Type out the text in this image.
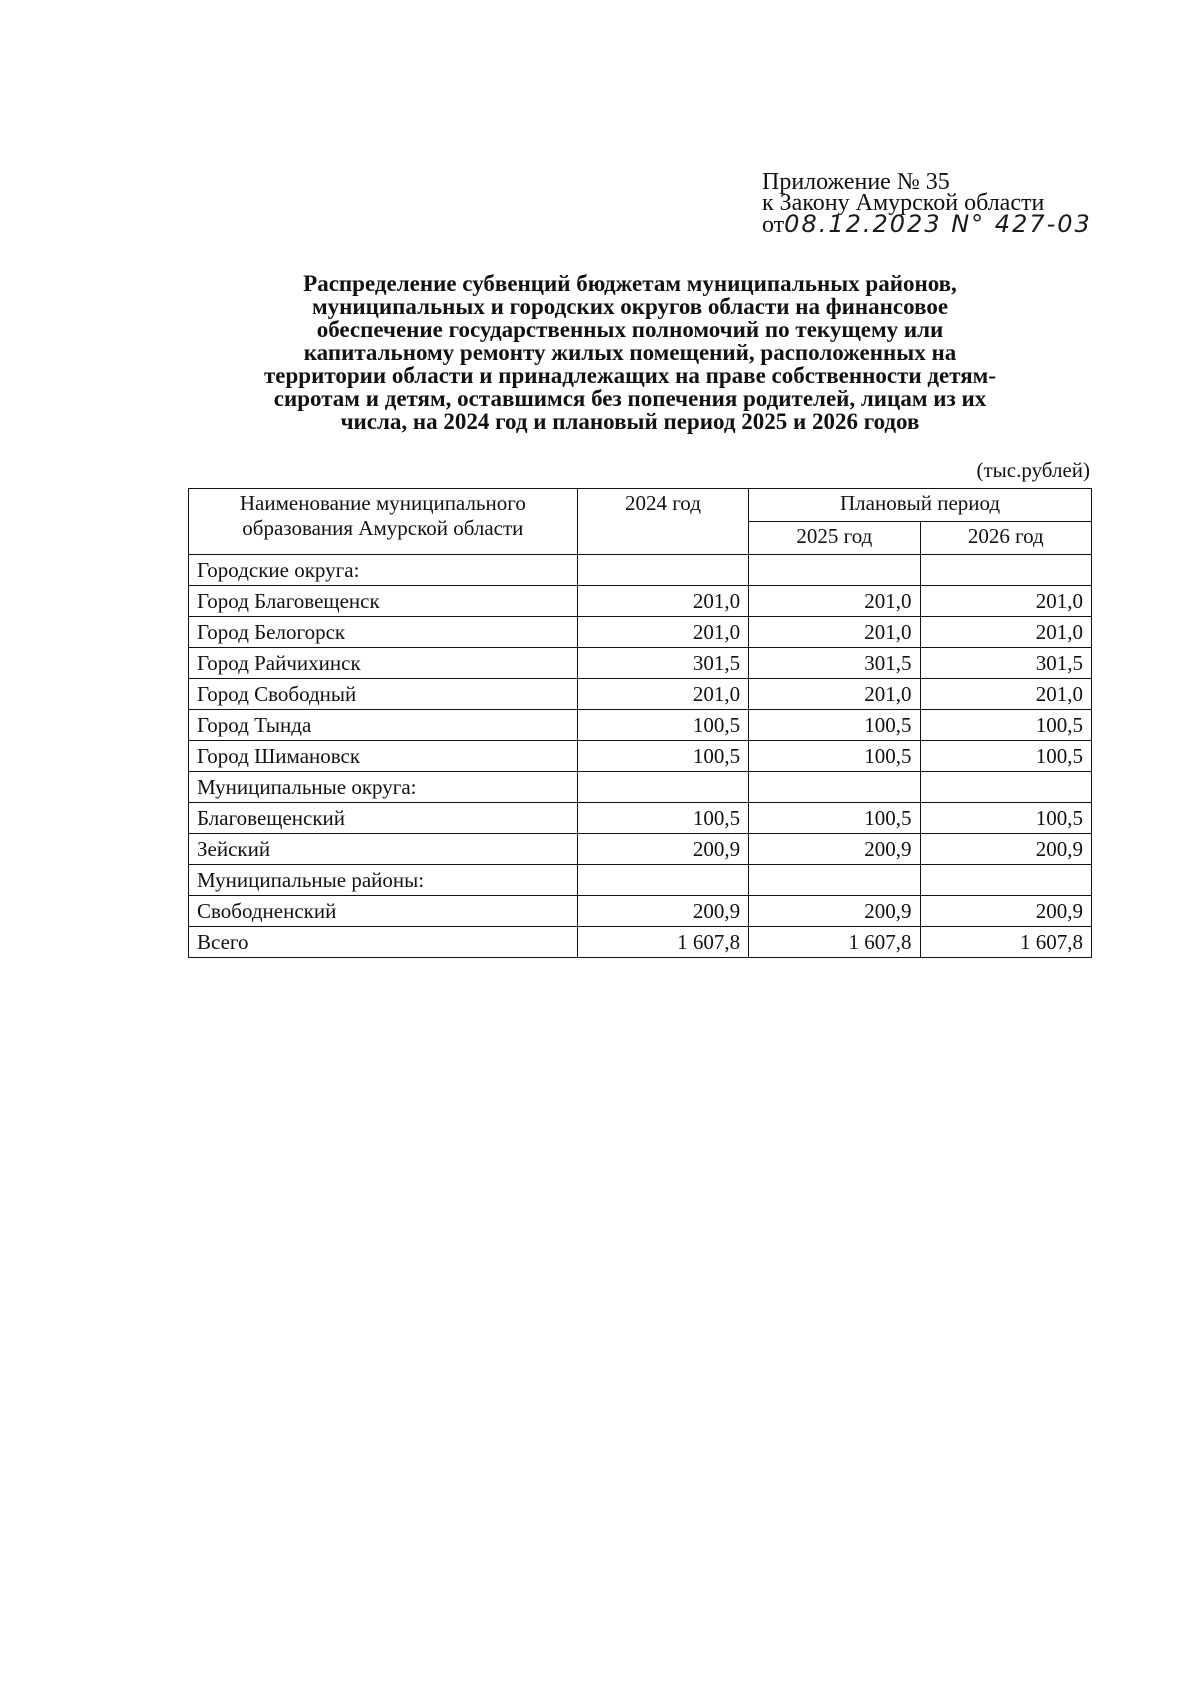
Приложение № 35
к Закону Амурской области
от08.12.2023 N° 427-03
Распределение субвенций бюджетам муниципальных районов,
муниципальных и городских округов области на финансовое
обеспечение государственных полномочий по текущему или
капитальному ремонту жилых помещений, расположенных на
территории области и принадлежащих на праве собственности детям-
сиротам и детям, оставшимся без попечения родителей, лицам из их
числа, на 2024 год и плановый период 2025 и 2026 годов
(тыс.рублей)
Наименование муниципального образования Амурской области	2024 год	Плановый период	
		2025 год	2026 год
Городские округа:			
Город Благовещенск	201,0	201,0	201,0
Город Белогорск	201,0	201,0	201,0
Город Райчихинск	301,5	301,5	301,5
Город Свободный	201,0	201,0	201,0
Город Тында	100,5	100,5	100,5
Город Шимановск	100,5	100,5	100,5
Муниципальные округа:			
Благовещенский	100,5	100,5	100,5
Зейский	200,9	200,9	200,9
Муниципальные районы:			
Свободненский	200,9	200,9	200,9
Всего	1 607,8	1 607,8	1 607,8
